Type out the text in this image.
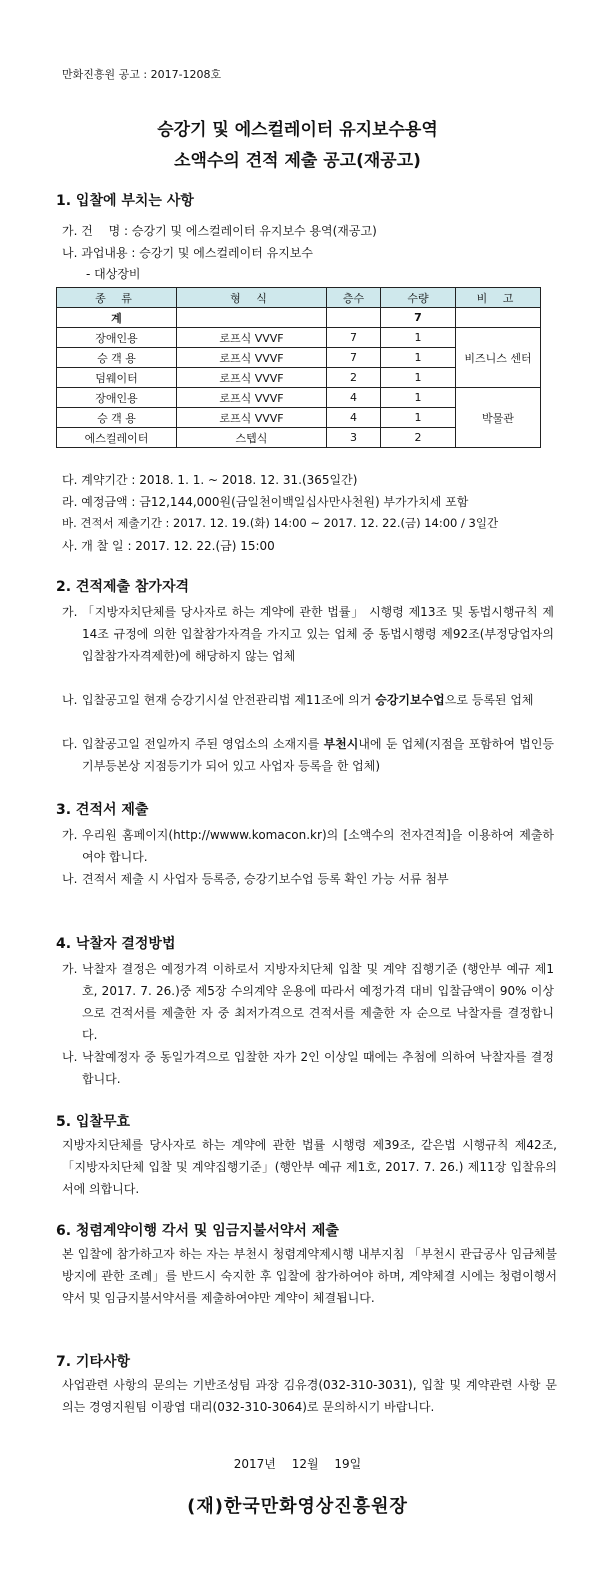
만화진흥원 공고 : 2017-1208호
승강기 및 에스컬레이터 유지보수용역
소액수의 견적 제출 공고(재공고)
1. 입찰에 부치는 사항
가. 건　 명 : 승강기 및 에스컬레이터 유지보수 용역(재공고)
나. 과업내용 : 승강기 및 에스컬레이터 유지보수
- 대상장비
종 류	형 식	층수	수량	비 고
계			7	
장애인용	로프식 VVVF	7	1	비즈니스 센터
승 객 용	로프식 VVVF	7	1	
덤웨이터	로프식 VVVF	2	1	
장애인용	로프식 VVVF	4	1	박물관
승 객 용	로프식 VVVF	4	1	
에스컬레이터	스텝식	3	2	
다. 계약기간 : 2018. 1. 1. ~ 2018. 12. 31.(365일간)
라. 예정금액 : 금12,144,000원(금일천이백일십사만사천원) 부가가치세 포함
바. 견적서 제출기간 : 2017. 12. 19.(화) 14:00 ~ 2017. 12. 22.(금) 14:00 / 3일간
사. 개 찰 일 : 2017. 12. 22.(금) 15:00
2. 견적제출 참가자격
가. 「지방자치단체를 당사자로 하는 계약에 관한 법률」 시행령 제13조 및 동법시행규칙 제14조 규정에 의한 입찰참가자격을 가지고 있는 업체 중 동법시행령 제92조(부정당업자의 입찰참가자격제한)에 해당하지 않는 업체
나. 입찰공고일 현재 승강기시설 안전관리법 제11조에 의거 승강기보수업으로 등록된 업체
다. 입찰공고일 전일까지 주된 영업소의 소재지를 부천시내에 둔 업체(지점을 포함하여 법인등기부등본상 지점등기가 되어 있고 사업자 등록을 한 업체)
3. 견적서 제출
가. 우리원 홈페이지(http://wwww.komacon.kr)의 [소액수의 전자견적]을 이용하여 제출하여야 합니다.
나. 견적서 제출 시 사업자 등록증, 승강기보수업 등록 확인 가능 서류 첨부
4. 낙찰자 결정방법
가. 낙찰자 결정은 예정가격 이하로서 지방자치단체 입찰 및 계약 집행기준 (행안부 예규 제1호, 2017. 7. 26.)중 제5장 수의계약 운용에 따라서 예정가격 대비 입찰금액이 90% 이상으로 견적서를 제출한 자 중 최저가격으로 견적서를 제출한 자 순으로 낙찰자를 결정합니다.
나. 낙찰예정자 중 동일가격으로 입찰한 자가 2인 이상일 때에는 추첨에 의하여 낙찰자를 결정합니다.
5. 입찰무효
지방자치단체를 당사자로 하는 계약에 관한 법률 시행령 제39조, 같은법 시행규칙 제42조, 「지방자치단체 입찰 및 계약집행기준」(행안부 예규 제1호, 2017. 7. 26.) 제11장 입찰유의서에 의합니다.
6. 청렴계약이행 각서 및 임금지불서약서 제출
본 입찰에 참가하고자 하는 자는 부천시 청렴계약제시행 내부지침 「부천시 관급공사 임금체불 방지에 관한 조례」를 반드시 숙지한 후 입찰에 참가하여야 하며, 계약체결 시에는 청렴이행서약서 및 임금지불서약서를 제출하여야만 계약이 체결됩니다.
7. 기타사항
사업관련 사항의 문의는 기반조성팀 과장 김유경(032-310-3031), 입찰 및 계약관련 사항 문의는 경영지원팀 이광엽 대리(032-310-3064)로 문의하시기 바랍니다.
2017년　 12월　 19일
(재)한국만화영상진흥원장
